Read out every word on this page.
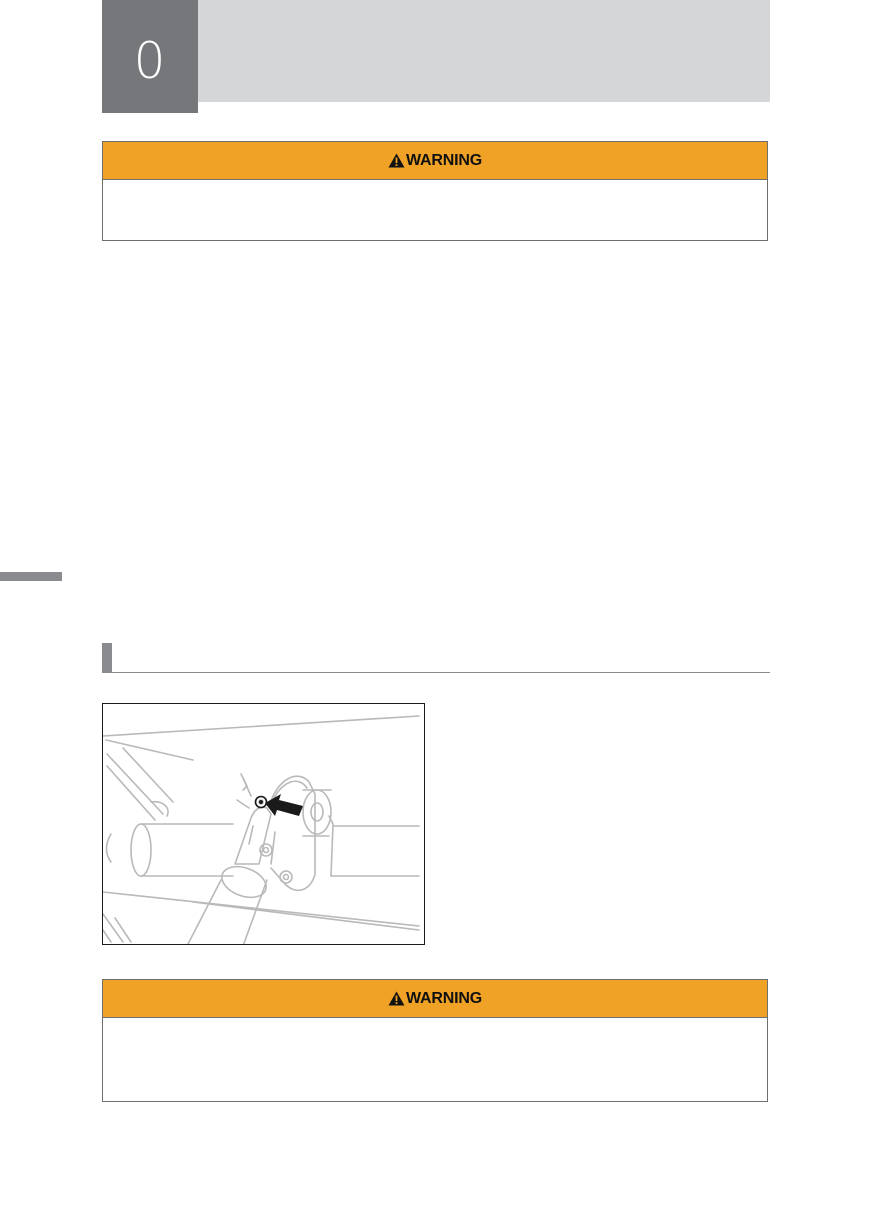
0
WARNING
WARNING
